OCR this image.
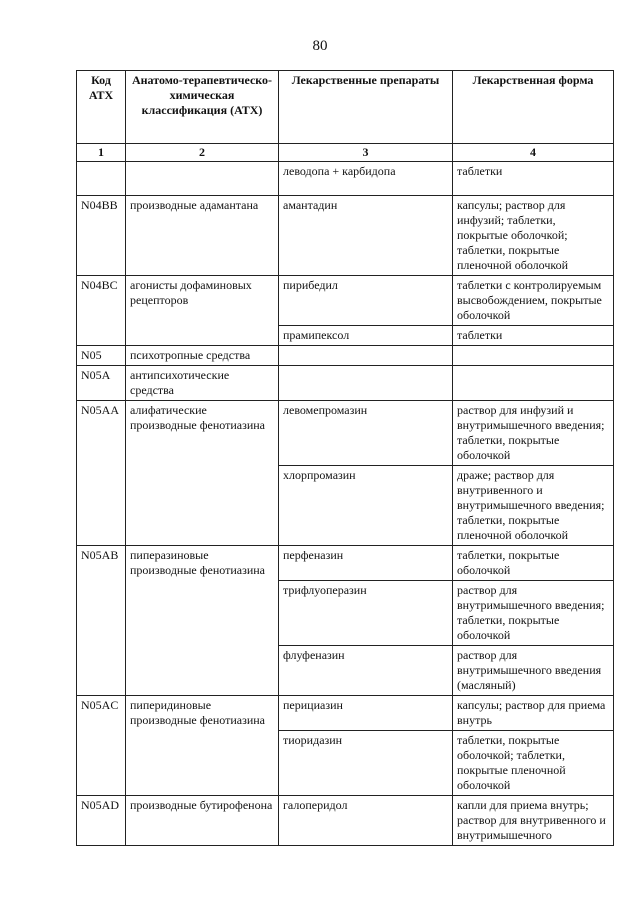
80
Код АТХ	Анатомо-терапевтическо-химическая классификация (АТХ)	Лекарственные препараты	Лекарственная форма
1	2	3	4
		леводопа + карбидопа	таблетки
N04BB	производные адамантана	амантадин	капсулы; раствор для инфузий; таблетки, покрытые оболочкой; таблетки, покрытые пленочной оболочкой
N04BC	агонисты дофаминовых рецепторов	пирибедил	таблетки с контролируемым высвобождением, покрытые оболочкой
		прамипексол	таблетки
N05	психотропные средства		
N05A	антипсихотические средства		
N05AA	алифатические производные фенотиазина	левомепромазин	раствор для инфузий и внутримышечного введения; таблетки, покрытые оболочкой
		хлорпромазин	драже; раствор для внутривенного и внутримышечного введения; таблетки, покрытые пленочной оболочкой
N05AB	пиперазиновые производные фенотиазина	перфеназин	таблетки, покрытые оболочкой
		трифлуоперазин	раствор для внутримышечного введения; таблетки, покрытые оболочкой
		флуфеназин	раствор для внутримышечного введения (масляный)
N05AC	пиперидиновые производные фенотиазина	перициазин	капсулы; раствор для приема внутрь
		тиоридазин	таблетки, покрытые оболочкой; таблетки, покрытые пленочной оболочкой
N05AD	производные бутирофенона	галоперидол	капли для приема внутрь; раствор для внутривенного и внутримышечного
